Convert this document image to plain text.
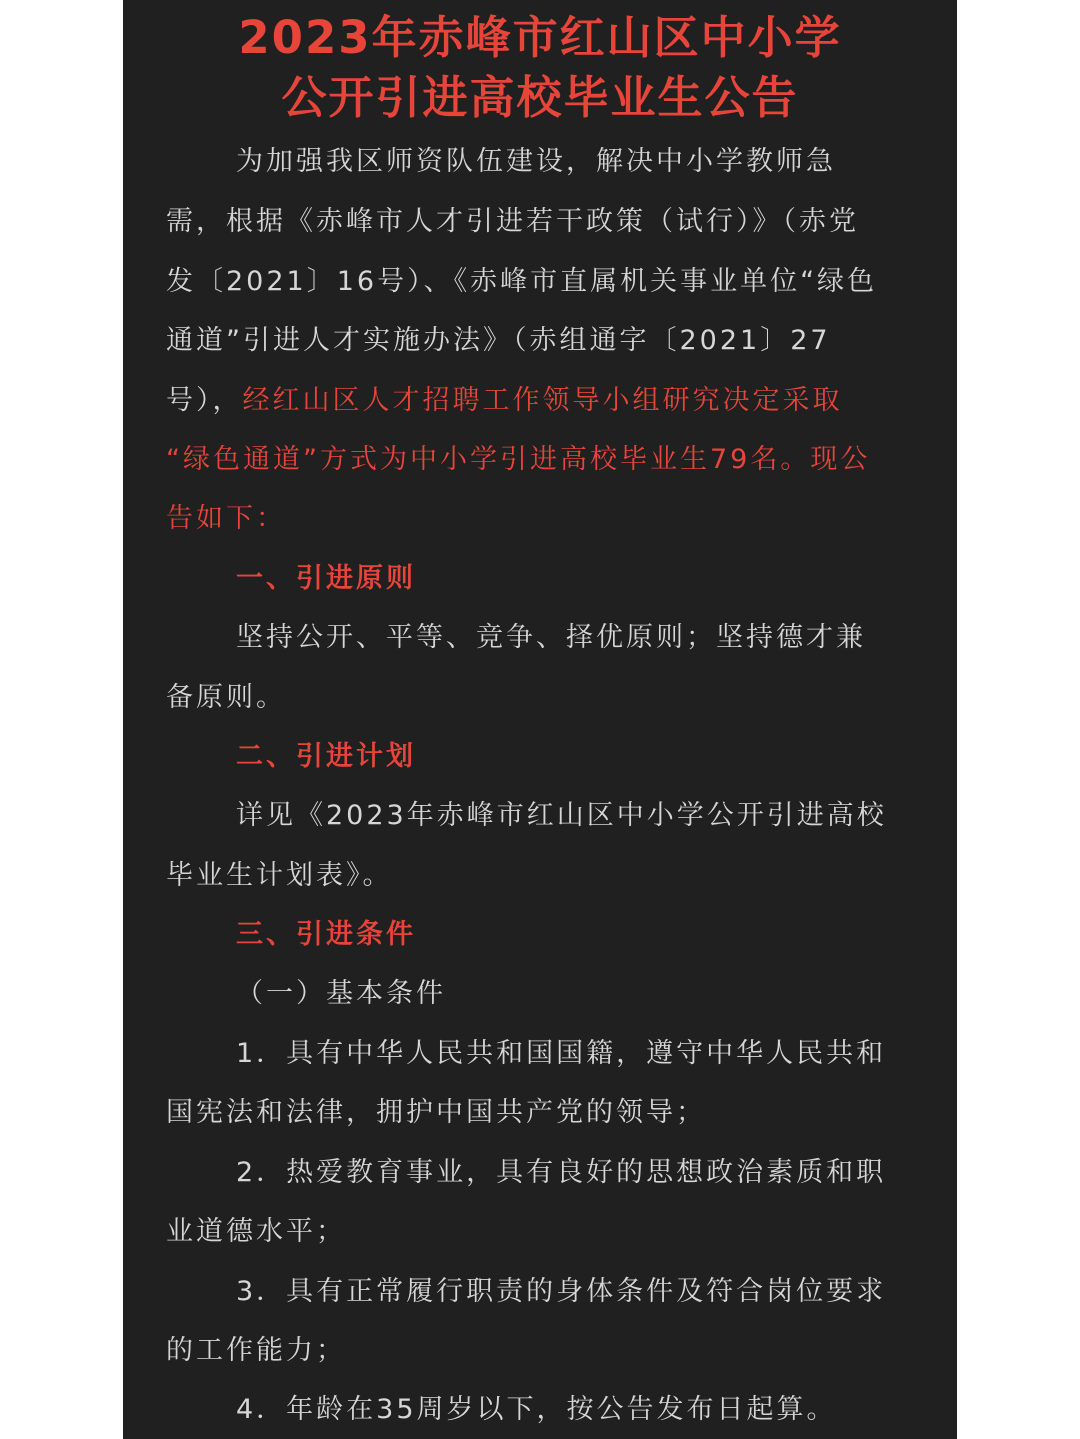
2023年赤峰市红山区中小学
公开引进高校毕业生公告
为加强我区师资队伍建设，解决中小学教师急
需，根据《赤峰市人才引进若干政策（试行）》（赤党
发〔2021〕16号）、《赤峰市直属机关事业单位“绿色
通道”引进人才实施办法》（赤组通字〔2021〕27
号），经红山区人才招聘工作领导小组研究决定采取
“绿色通道”方式为中小学引进高校毕业生79名。现公
告如下：
一、引进原则
坚持公开、平等、竞争、择优原则；坚持德才兼
备原则。
二、引进计划
详见《2023年赤峰市红山区中小学公开引进高校
毕业生计划表》。
三、引进条件
（一）基本条件
1．具有中华人民共和国国籍，遵守中华人民共和
国宪法和法律，拥护中国共产党的领导；
2．热爱教育事业，具有良好的思想政治素质和职
业道德水平；
3．具有正常履行职责的身体条件及符合岗位要求
的工作能力；
4．年龄在35周岁以下，按公告发布日起算。
